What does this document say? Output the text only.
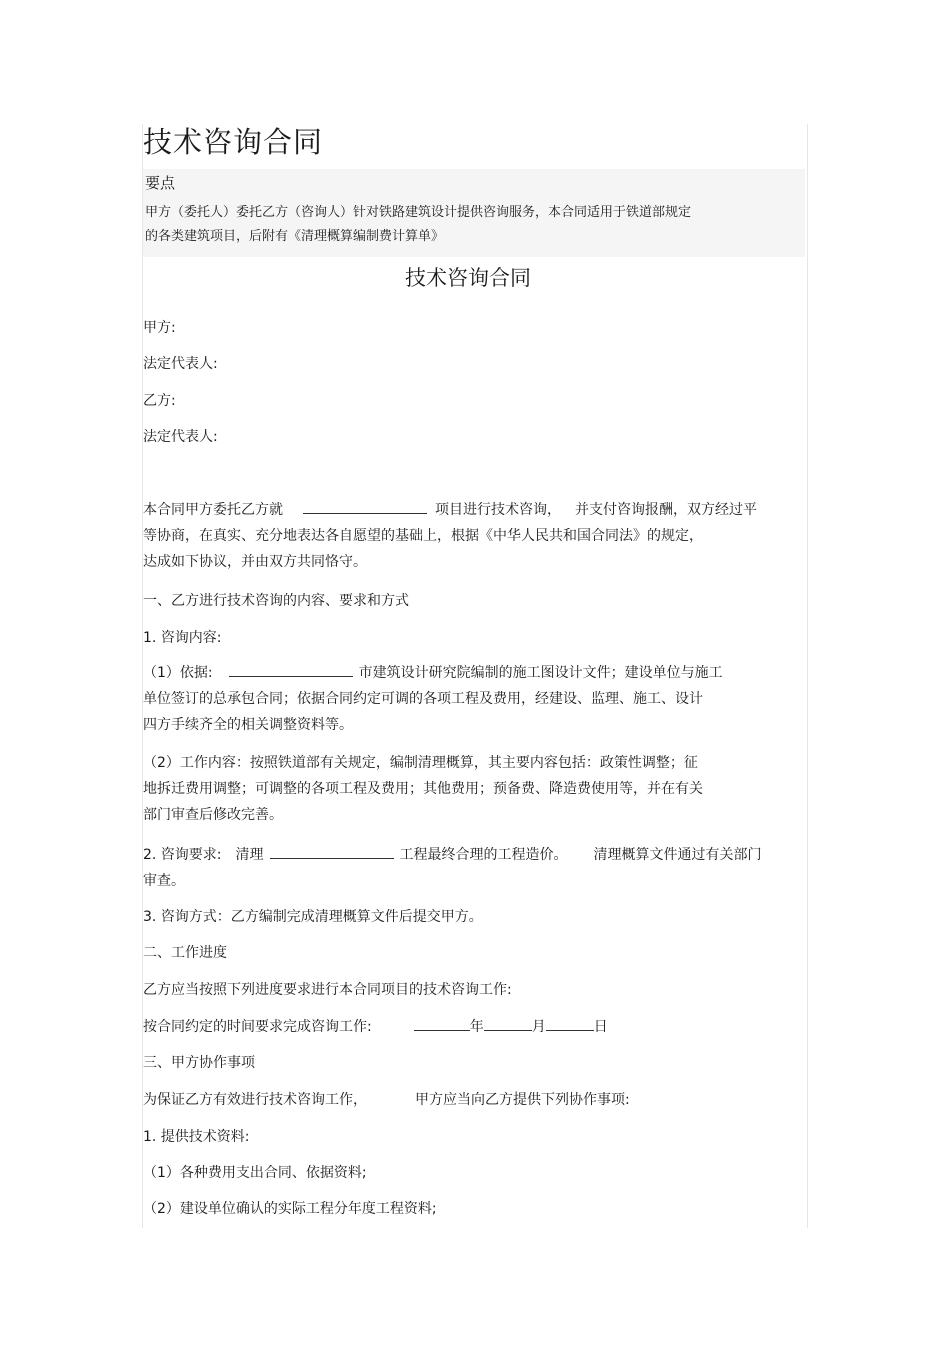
技术咨询合同
要点

甲方（委托人）委托乙方（咨询人）针对铁路建筑设计提供咨询服务，本合同适用于铁道部规定
的各类建筑项目，后附有《清理概算编制费计算单》

技术咨询合同

甲方:

法定代表人:

乙方:

法定代表人:

本合同甲方委托乙方就	项目进行技术咨询， 并支付咨询报酬，双方经过平
等协商，在真实、充分地表达各自愿望的基础上，根据《中华人民共和国合同法》的规定，
达成如下协议，并由双方共同恪守。

一、乙方进行技术咨询的内容、要求和方式

1. 咨询内容:

（1）依据:	市建筑设计研究院编制的施工图设计文件；建设单位与施工
单位签订的总承包合同；依据合同约定可调的各项工程及费用，经建设、监理、施工、设计
四方手续齐全的相关调整资料等。
（2）工作内容：按照铁道部有关规定，编制清理概算，其主要内容包括：政策性调整；征
地拆迁费用调整；可调整的各项工程及费用；其他费用；预备费、降造费使用等，并在有关
部门审查后修改完善。
2. 咨询要求: 清理	工程最终合理的工程造价。 清理概算文件通过有关部门
审查。

3. 咨询方式：乙方编制完成清理概算文件后提交甲方。

二、工作进度

乙方应当按照下列进度要求进行本合同项目的技术咨询工作:

按合同约定的时间要求完成咨询工作:	年	月	日

三、甲方协作事项

为保证乙方有效进行技术咨询工作，	甲方应当向乙方提供下列协作事项:

1. 提供技术资料:

（1）各种费用支出合同、依据资料;

（2）建设单位确认的实际工程分年度工程资料;
